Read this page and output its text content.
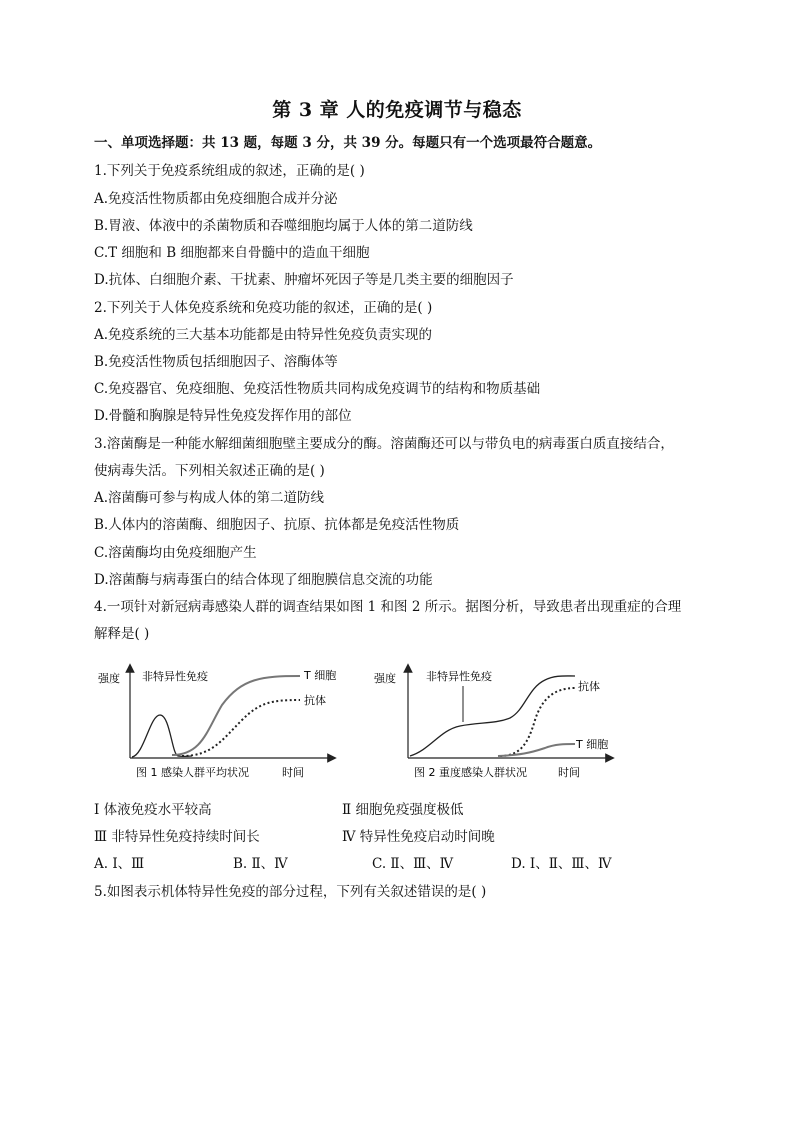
第 3 章 人的免疫调节与稳态
一、单项选择题：共 13 题，每题 3 分，共 39 分。每题只有一个选项最符合题意。
1.下列关于免疫系统组成的叙述，正确的是( )
A.免疫活性物质都由免疫细胞合成并分泌
B.胃液、体液中的杀菌物质和吞噬细胞均属于人体的第二道防线
C.T 细胞和 B 细胞都来自骨髓中的造血干细胞
D.抗体、白细胞介素、干扰素、肿瘤坏死因子等是几类主要的细胞因子
2.下列关于人体免疫系统和免疫功能的叙述，正确的是( )
A.免疫系统的三大基本功能都是由特异性免疫负责实现的
B.免疫活性物质包括细胞因子、溶酶体等
C.免疫器官、免疫细胞、免疫活性物质共同构成免疫调节的结构和物质基础
D.骨髓和胸腺是特异性免疫发挥作用的部位
3.溶菌酶是一种能水解细菌细胞壁主要成分的酶。溶菌酶还可以与带负电的病毒蛋白质直接结合，
使病毒失活。下列相关叙述正确的是( )
A.溶菌酶可参与构成人体的第二道防线
B.人体内的溶菌酶、细胞因子、抗原、抗体都是免疫活性物质
C.溶菌酶均由免疫细胞产生
D.溶菌酶与病毒蛋白的结合体现了细胞膜信息交流的功能
4.一项针对新冠病毒感染人群的调查结果如图 1 和图 2 所示。据图分析，导致患者出现重症的合理
解释是( )
强度 非特异性免疫	T 细胞
抗体
图 1 感染人群平均状况	时间
强度	非特异性免疫
抗体
T 细胞
图 2 重度感染人群状况	时间
Ⅰ 体液免疫水平较高	Ⅱ 细胞免疫强度极低
Ⅲ 非特异性免疫持续时间长	Ⅳ 特异性免疫启动时间晚
A. Ⅰ、Ⅲ	B. Ⅱ、Ⅳ	C. Ⅱ、Ⅲ、Ⅳ	D. Ⅰ、Ⅱ、Ⅲ、Ⅳ
5.如图表示机体特异性免疫的部分过程，下列有关叙述错误的是( )
